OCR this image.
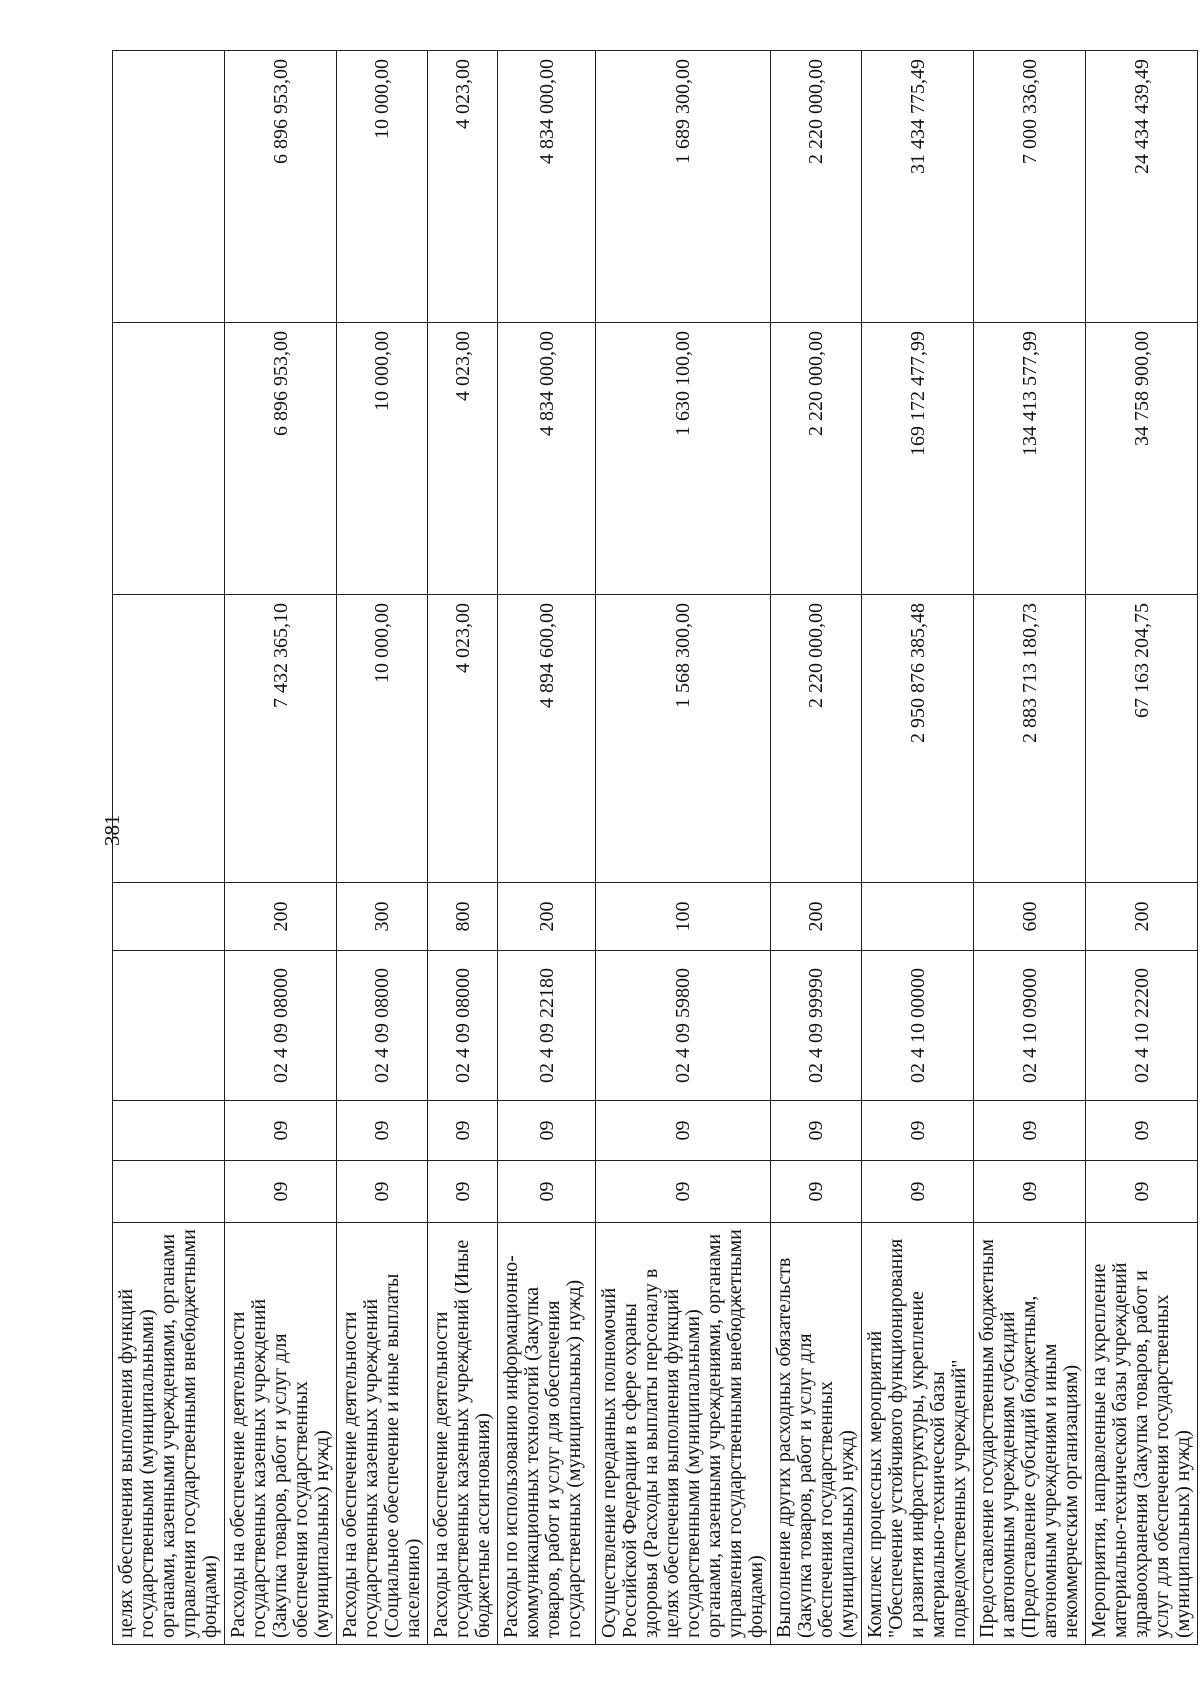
381
целях обеспечения выполнения функций государственными (муниципальными) органами, казенными учреждениями, органами управления государственными внебюджетными фондами)							
Расходы на обеспечение деятельности государственных казенных учреждений (Закупка товаров, работ и услуг для обеспечения государственных (муниципальных) нужд)	09	09	02 4 09 08000	200	7 432 365,10	6 896 953,00	6 896 953,00
Расходы на обеспечение деятельности государственных казенных учреждений (Социальное обеспечение и иные выплаты населению)	09	09	02 4 09 08000	300	10 000,00	10 000,00	10 000,00
Расходы на обеспечение деятельности государственных казенных учреждений (Иные бюджетные ассигнования)	09	09	02 4 09 08000	800	4 023,00	4 023,00	4 023,00
Расходы по использованию информационно-коммуникационных технологий (Закупка товаров, работ и услуг для обеспечения государственных (муниципальных) нужд)	09	09	02 4 09 22180	200	4 894 600,00	4 834 000,00	4 834 000,00
Осуществление переданных полномочий Российской Федерации в сфере охраны здоровья (Расходы на выплаты персоналу в целях обеспечения выполнения функций государственными (муниципальными) органами, казенными учреждениями, органами управления государственными внебюджетными фондами)	09	09	02 4 09 59800	100	1 568 300,00	1 630 100,00	1 689 300,00
Выполнение других расходных обязательств (Закупка товаров, работ и услуг для обеспечения государственных (муниципальных) нужд)	09	09	02 4 09 99990	200	2 220 000,00	2 220 000,00	2 220 000,00
Комплекс процессных мероприятий "Обеспечение устойчивого функционирования и развития инфраструктуры, укрепление материально-технической базы подведомственных учреждений"	09	09	02 4 10 00000		2 950 876 385,48	169 172 477,99	31 434 775,49
Предоставление государственным бюджетным и автономным учреждениям субсидий (Предоставление субсидий бюджетным, автономным учреждениям и иным некоммерческим организациям)	09	09	02 4 10 09000	600	2 883 713 180,73	134 413 577,99	7 000 336,00
Мероприятия, направленные на укрепление материально-технической базы учреждений здравоохранения (Закупка товаров, работ и услуг для обеспечения государственных (муниципальных) нужд)	09	09	02 4 10 22200	200	67 163 204,75	34 758 900,00	24 434 439,49
